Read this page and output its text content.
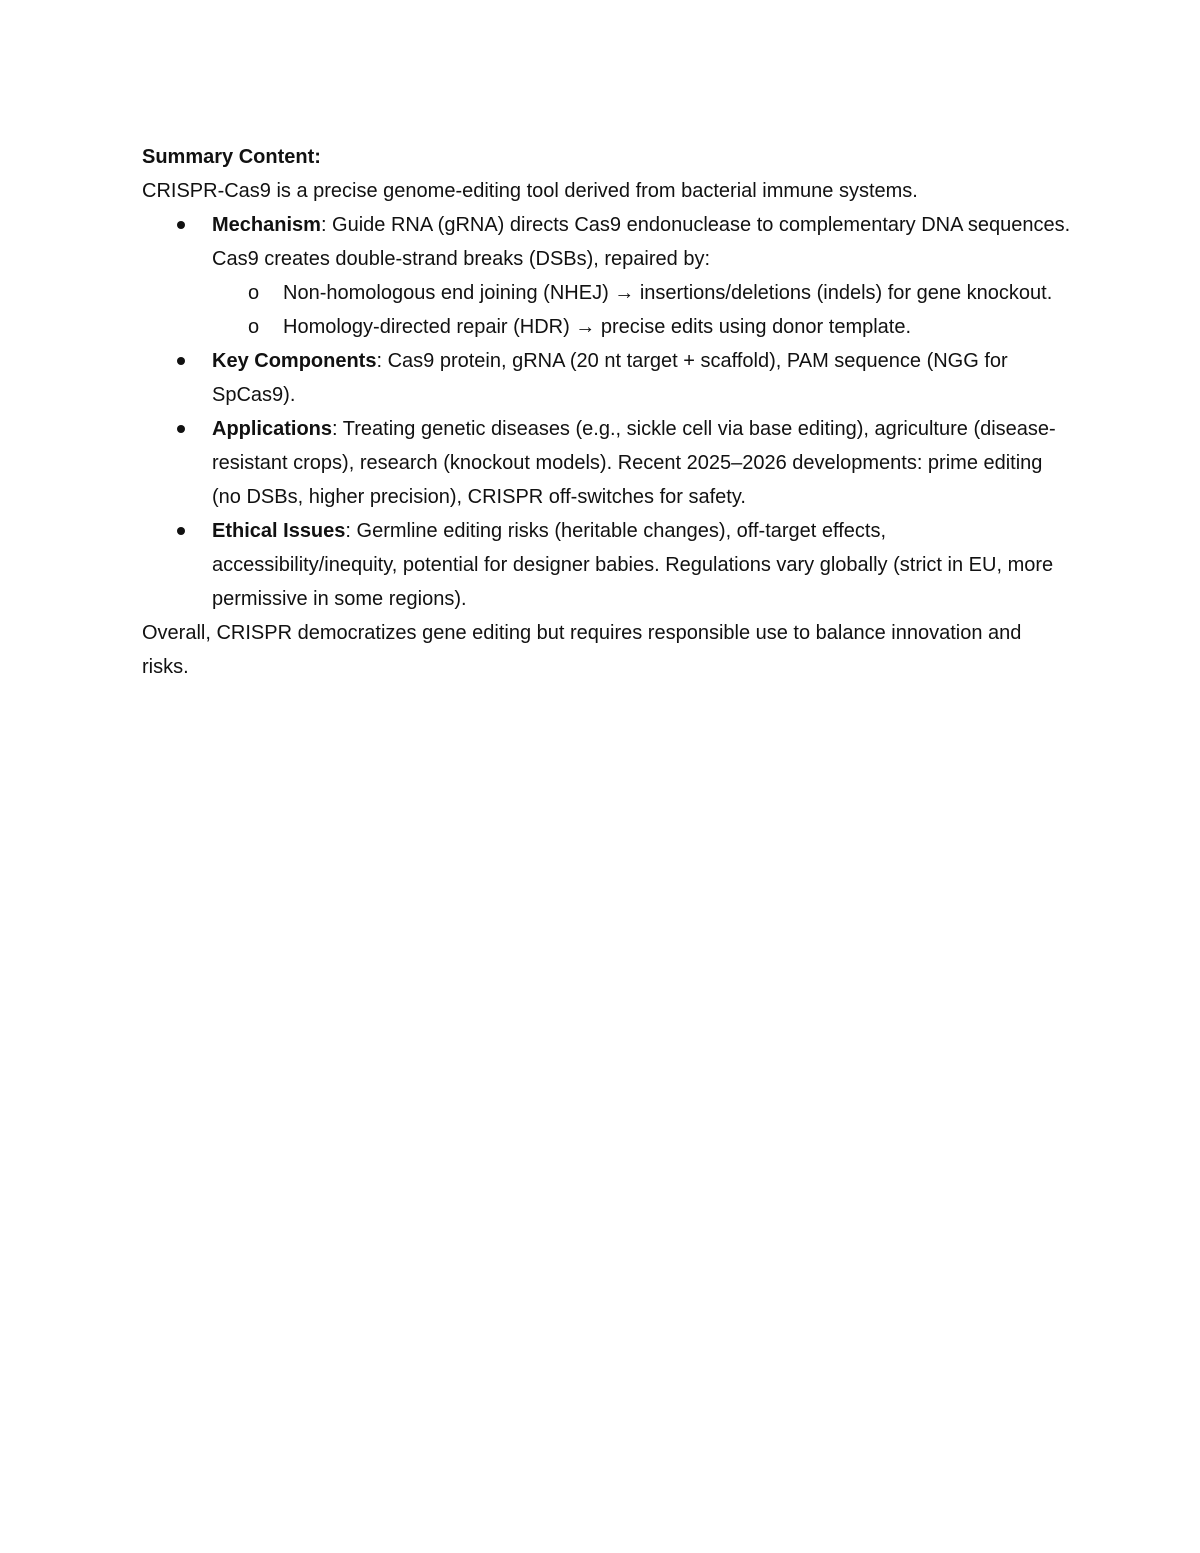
Summary Content:

CRISPR-Cas9 is a precise genome-editing tool derived from bacterial immune systems.

Mechanism: Guide RNA (gRNA) directs Cas9 endonuclease to complementary DNA sequences. Cas9 creates double-strand breaks (DSBs), repaired by:
o Non-homologous end joining (NHEJ) → insertions/deletions (indels) for gene knockout.
o Homology-directed repair (HDR) → precise edits using donor template.
Key Components: Cas9 protein, gRNA (20 nt target + scaffold), PAM sequence (NGG for SpCas9).
Applications: Treating genetic diseases (e.g., sickle cell via base editing), agriculture (disease-resistant crops), research (knockout models). Recent 2025–2026 developments: prime editing (no DSBs, higher precision), CRISPR off-switches for safety.
Ethical Issues: Germline editing risks (heritable changes), off-target effects, accessibility/inequity, potential for designer babies. Regulations vary globally (strict in EU, more permissive in some regions).

Overall, CRISPR democratizes gene editing but requires responsible use to balance innovation and risks.
